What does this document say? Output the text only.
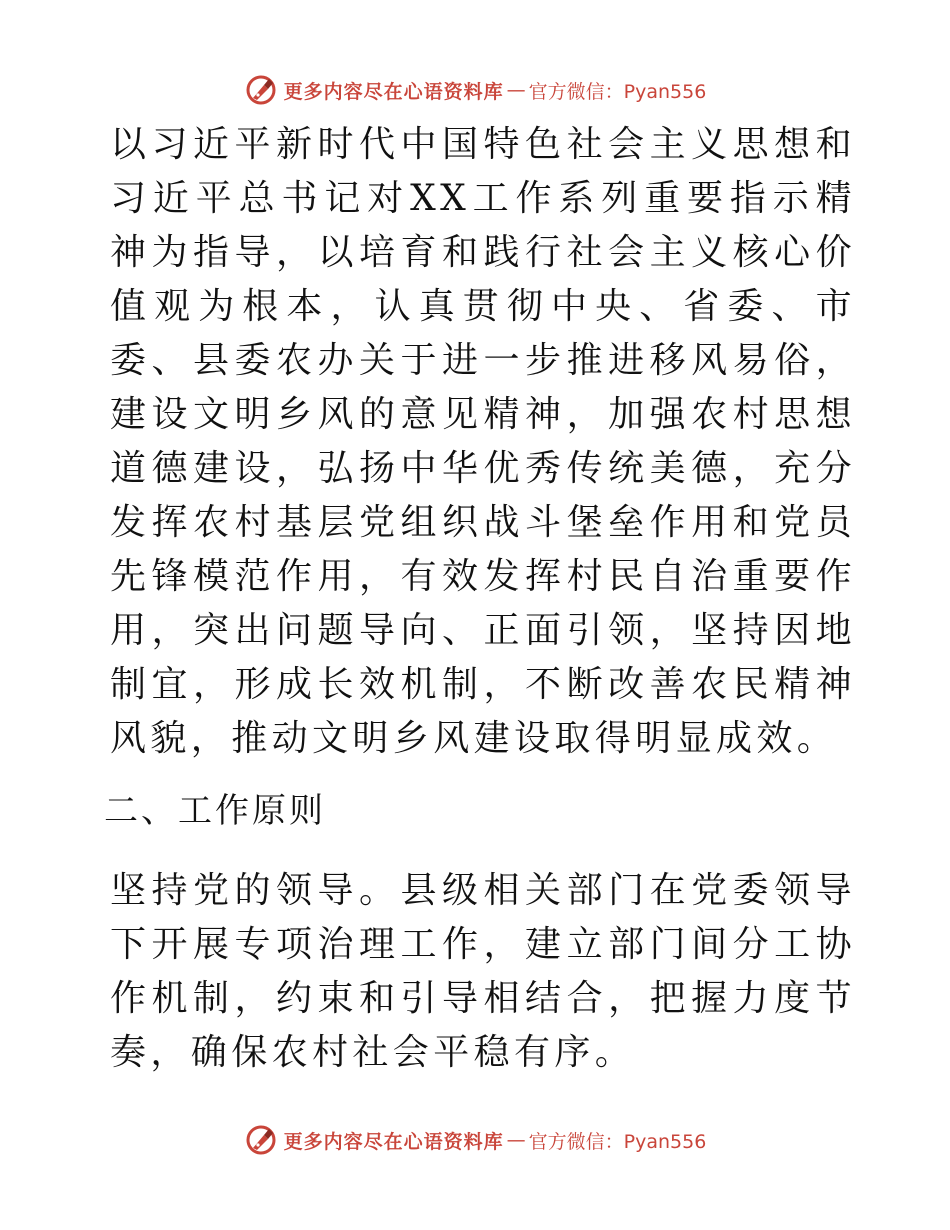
更多内容尽在心语资料库 — 官方微信：Pyan556

以习近平新时代中国特色社会主义思想和习近平总书记对XX工作系列重要指示精神为指导，以培育和践行社会主义核心价值观为根本，认真贯彻中央、省委、市委、县委农办关于进一步推进移风易俗，建设文明乡风的意见精神，加强农村思想道德建设，弘扬中华优秀传统美德，充分发挥农村基层党组织战斗堡垒作用和党员先锋模范作用，有效发挥村民自治重要作用，突出问题导向、正面引领，坚持因地制宜，形成长效机制，不断改善农民精神风貌，推动文明乡风建设取得明显成效。

二、工作原则

坚持党的领导。县级相关部门在党委领导下开展专项治理工作，建立部门间分工协作机制，约束和引导相结合，把握力度节奏，确保农村社会平稳有序。

更多内容尽在心语资料库 — 官方微信：Pyan556
